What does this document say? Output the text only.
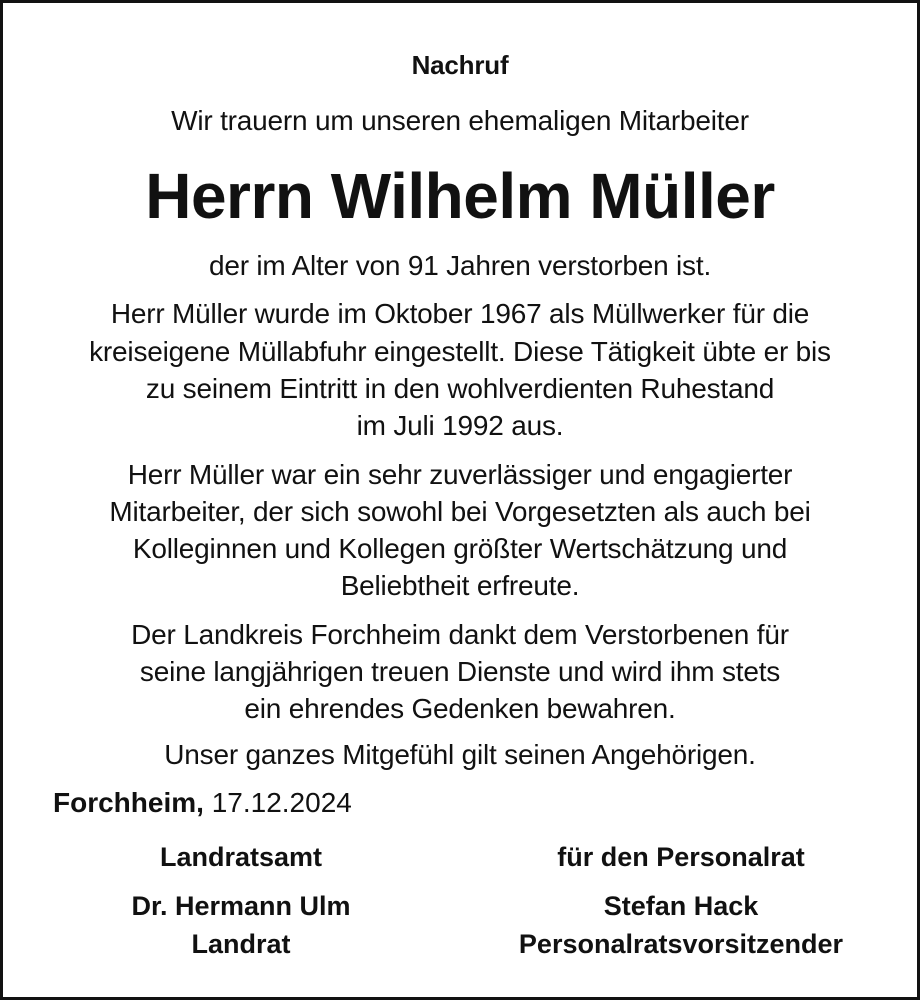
Nachruf
Wir trauern um unseren ehemaligen Mitarbeiter
Herrn Wilhelm Müller
der im Alter von 91 Jahren verstorben ist.
Herr Müller wurde im Oktober 1967 als Müllwerker für die
kreiseigene Müllabfuhr eingestellt. Diese Tätigkeit übte er bis
zu seinem Eintritt in den wohlverdienten Ruhestand
im Juli 1992 aus.
Herr Müller war ein sehr zuverlässiger und engagierter
Mitarbeiter, der sich sowohl bei Vorgesetzten als auch bei
Kolleginnen und Kollegen größter Wertschätzung und
Beliebtheit erfreute.
Der Landkreis Forchheim dankt dem Verstorbenen für
seine langjährigen treuen Dienste und wird ihm stets
ein ehrendes Gedenken bewahren.
Unser ganzes Mitgefühl gilt seinen Angehörigen.
Forchheim, 17.12.2024
Landratsamt	für den Personalrat
Dr. Hermann Ulm	Stefan Hack
Landrat	Personalratsvorsitzender
